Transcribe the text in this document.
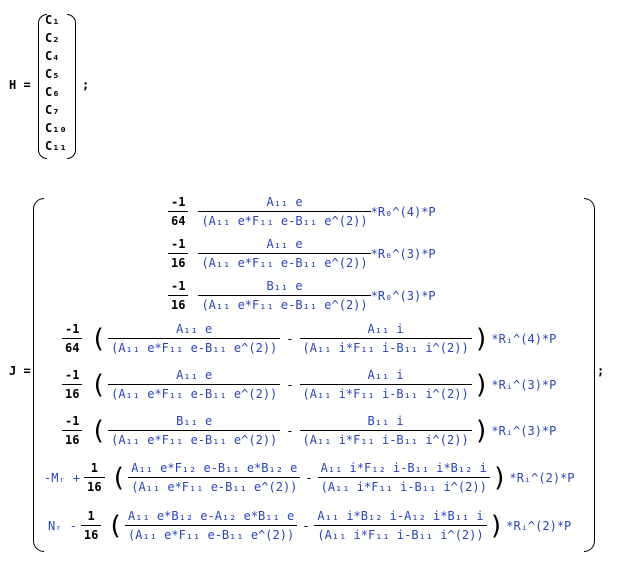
H =
C₁
C₂
C₄
C₅
C₆
C₇
C₁₀
C₁₁
;
J =	;
$\frac{-1}{64} \frac{\text{A₁₁ e}}{\text{(A₁₁ e*F₁₁ e-B₁₁ e\textasciicircum{}(2))}}$ *R₀^(4)*P
$\frac{-1}{16} \frac{\text{A₁₁ e}}{\text{(A₁₁ e*F₁₁ e-B₁₁ e\textasciicircum{}(2))}}$ *R₀^(3)*P
$\frac{-1}{16} \frac{\text{B₁₁ e}}{\text{(A₁₁ e*F₁₁ e-B₁₁ e\textasciicircum{}(2))}}$ *R₀^(3)*P
$\frac{-1}{64}$ ( $\frac{\text{A₁₁ e}}{\text{(A₁₁ e*F₁₁ e-B₁₁ e\textasciicircum{}(2))}} - \frac{\text{A₁₁ i}}{\text{(A₁₁ i*F₁₁ i-B₁₁ i\textasciicircum{}(2))}}$ ) *Rᵢ^(4)*P
$\frac{-1}{16}$ ( $\frac{\text{A₁₁ e}}{\text{(A₁₁ e*F₁₁ e-B₁₁ e\textasciicircum{}(2))}} - \frac{\text{A₁₁ i}}{\text{(A₁₁ i*F₁₁ i-B₁₁ i\textasciicircum{}(2))}}$ ) *Rᵢ^(3)*P
$\frac{-1}{16}$ ( $\frac{\text{B₁₁ e}}{\text{(A₁₁ e*F₁₁ e-B₁₁ e\textasciicircum{}(2))}} - \frac{\text{B₁₁ i}}{\text{(A₁₁ i*F₁₁ i-B₁₁ i\textasciicircum{}(2))}}$ ) *Rᵢ^(3)*P
-Mᵣ + $\frac{1}{16}$ ( $\frac{\text{A₁₁ e*F₁₂ e-B₁₁ e*B₁₂ e}}{\text{(A₁₁ e*F₁₁ e-B₁₁ e\textasciicircum{}(2))}} - \frac{\text{A₁₁ i*F₁₂ i-B₁₁ i*B₁₂ i}}{\text{(A₁₁ i*F₁₁ i-B₁₁ i\textasciicircum{}(2))}}$ ) *Rᵢ^(2)*P
Nᵣ - $\frac{1}{16}$ ( $\frac{\text{A₁₁ e*B₁₂ e-A₁₂ e*B₁₁ e}}{\text{(A₁₁ e*F₁₁ e-B₁₁ e\textasciicircum{}(2))}} - \frac{\text{A₁₁ i*B₁₂ i-A₁₂ i*B₁₁ i}}{\text{(A₁₁ i*F₁₁ i-B₁₁ i\textasciicircum{}(2))}}$ ) *Rᵢ^(2)*P
